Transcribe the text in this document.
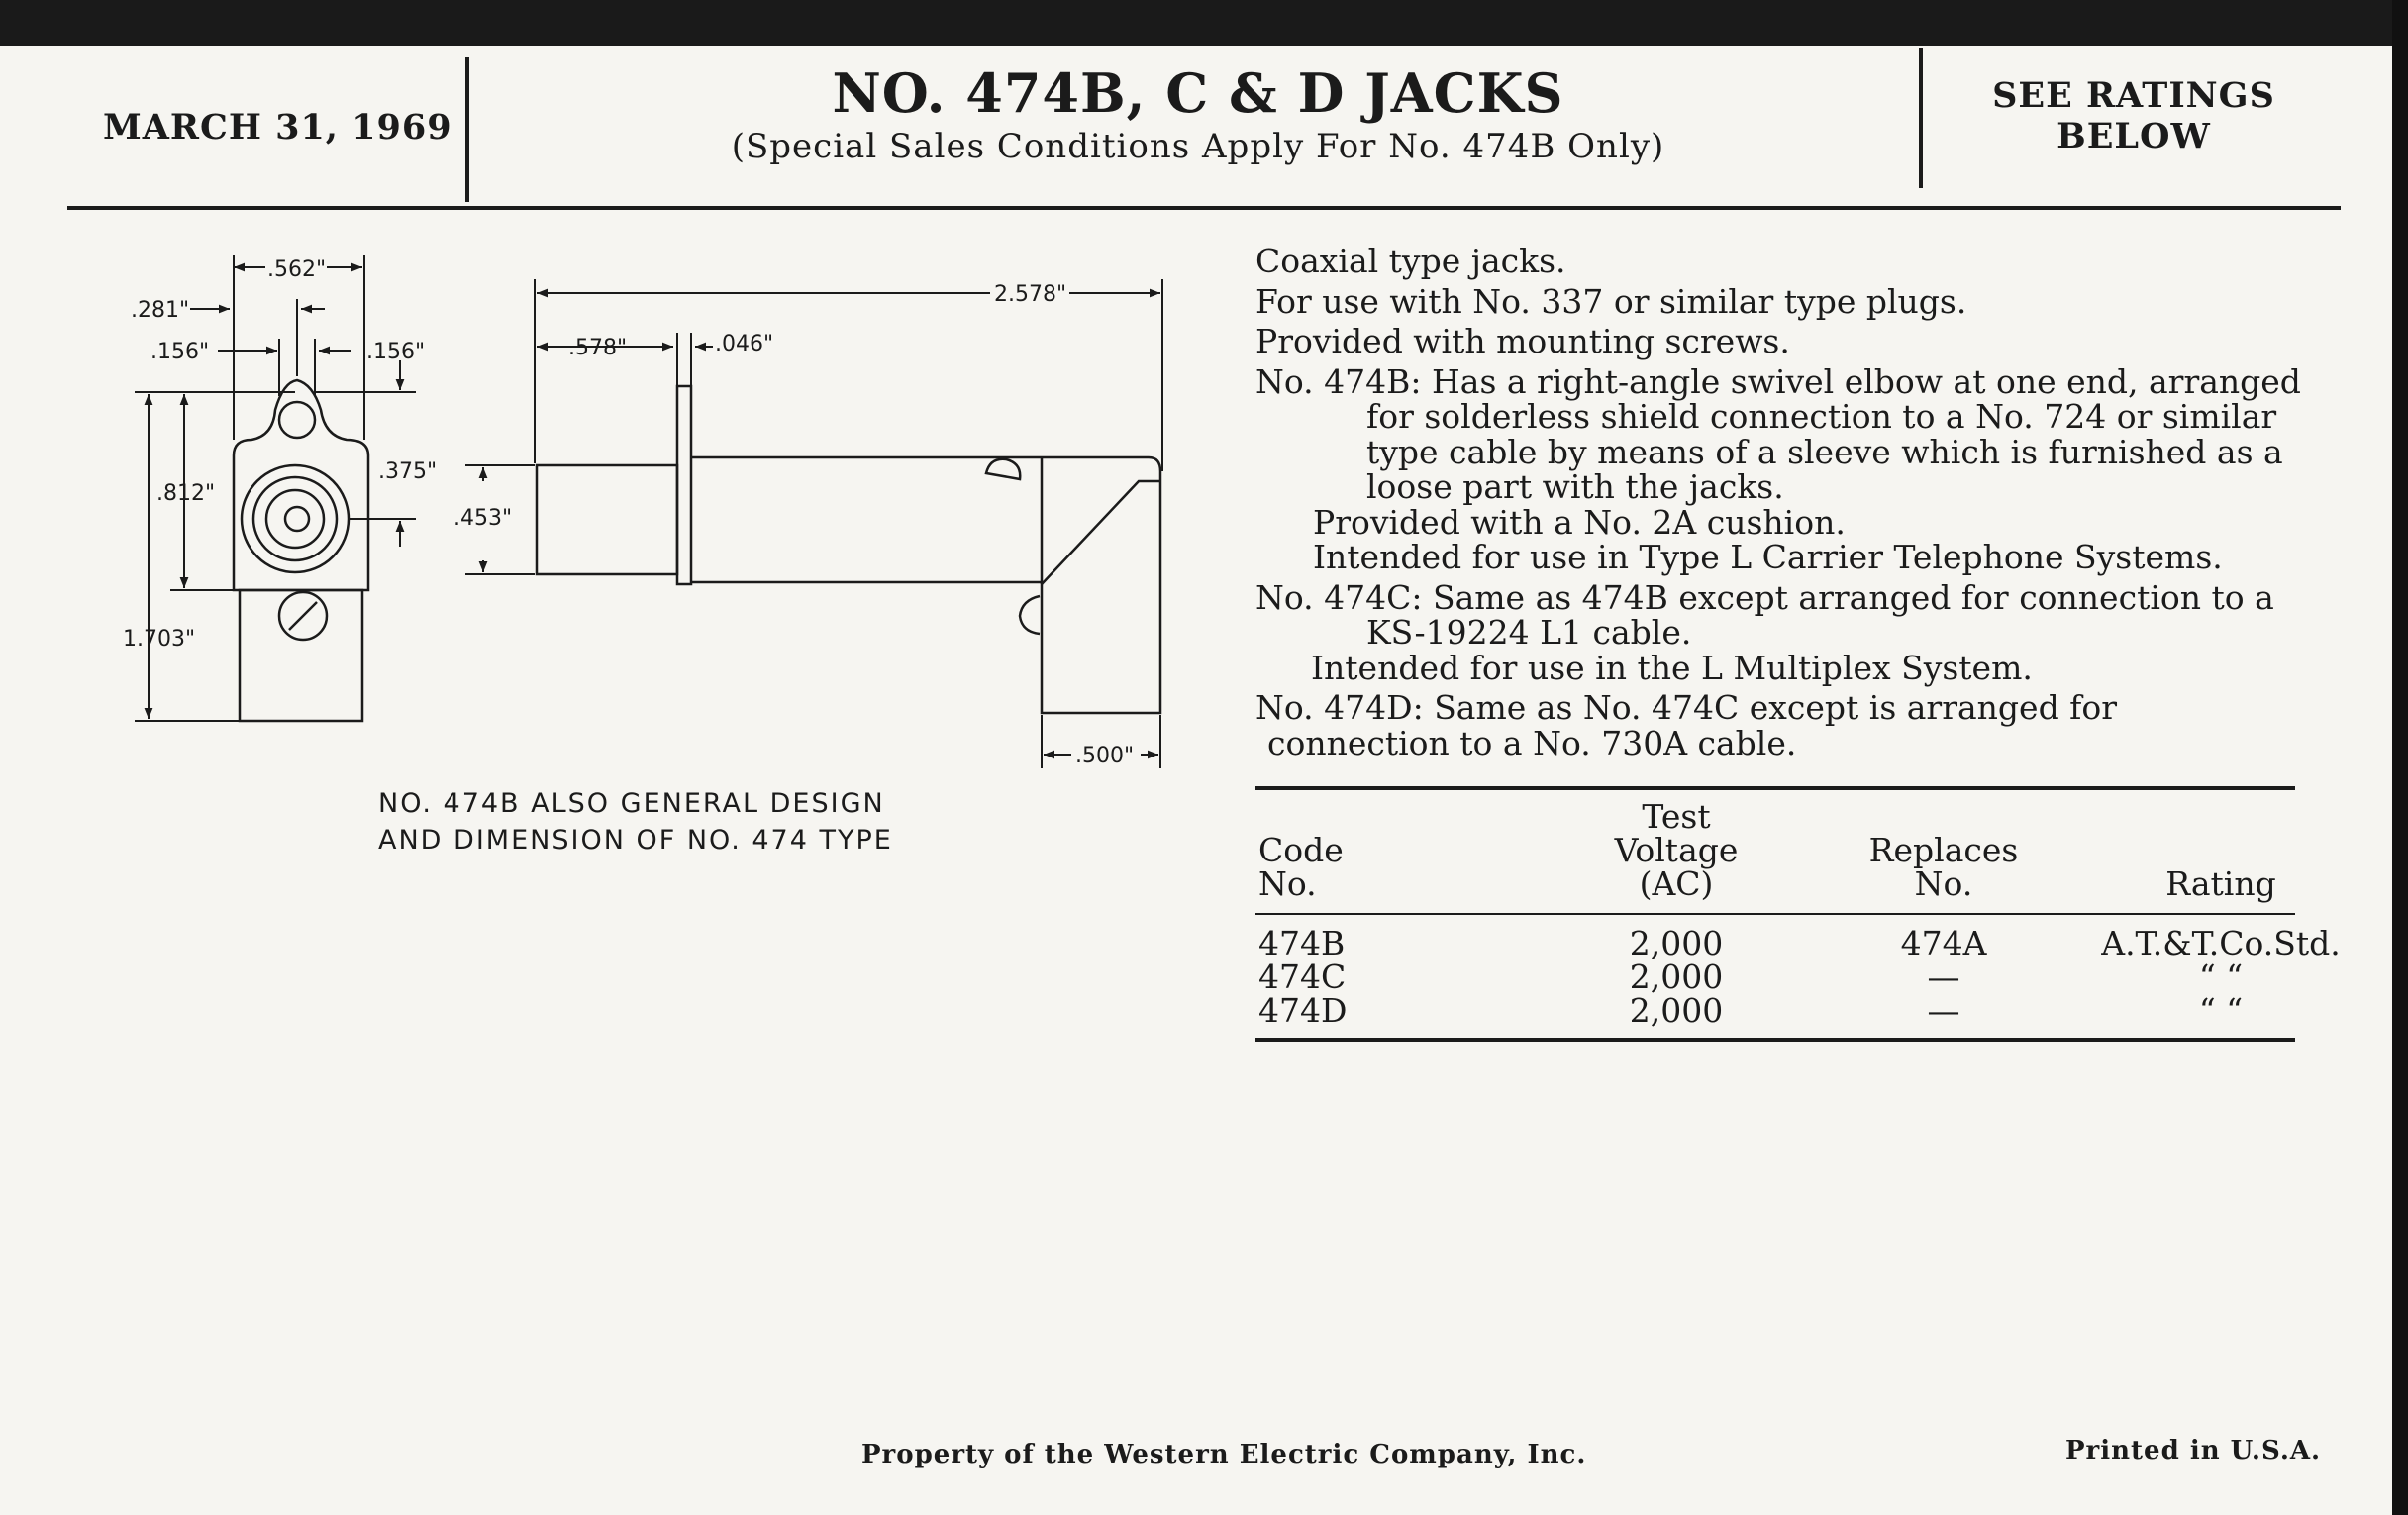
MARCH 31, 1969
NO. 474B, C & D JACKS
(Special Sales Conditions Apply For No. 474B Only)
SEE RATINGS
BELOW
.562"
.281"
.156"	.156"
.375"
.812"
1.703"
2.578"
.578"	.046"
.453"
.500"
NO. 474B ALSO GENERAL DESIGN
AND DIMENSION OF NO. 474 TYPE

Coaxial type jacks.

For use with No. 337 or similar type plugs.

Provided with mounting screws.

No. 474B: Has a right-angle swivel elbow at one end, arranged for solderless shield connection to a No. 724 or similar type cable by means of a sleeve which is furnished as a loose part with the jacks.

Provided with a No. 2A cushion.

Intended for use in Type L Carrier Telephone Systems.

No. 474C: Same as 474B except arranged for connection to a KS-19224 L1 cable.

Intended for use in the L Multiplex System.

No. 474D: Same as No. 474C except is arranged for connection to a No. 730A cable.

Test
Code	Voltage	Replaces
No.	(AC)	No.	Rating
474B	2,000	474A	A.T.&T.Co.Std.
474C	2,000	—	“ “
474D	2,000	—	“ “
Property of the Western Electric Company, Inc.	Printed in U.S.A.
